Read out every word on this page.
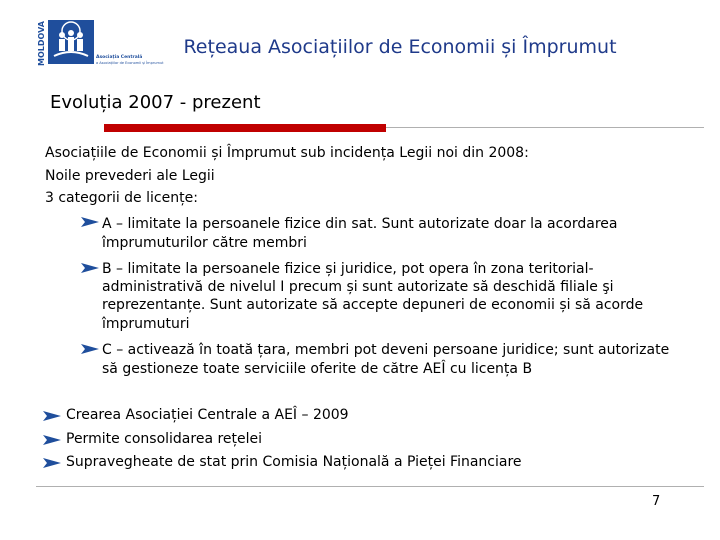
MOLDOVA	Asociația Centrală
a Asociațiilor de Economii și Împrumut
Rețeaua Asociațiilor de Economii și Împrumut
Evoluția 2007 - prezent
Asociațiile de Economii și Împrumut sub incidența Legii noi din 2008:
Noile prevederi ale Legii
3 categorii de licențe:
A – limitate la persoanele fizice din sat. Sunt autorizate doar la acordarea
împrumuturilor către membri
B – limitate la persoanele fizice și juridice, pot opera în zona teritorial-
administrativă de nivelul I precum și sunt autorizate să deschidă filiale şi
reprezentanțe. Sunt autorizate să accepte depuneri de economii și să acorde
împrumuturi
C – activează în toată țara, membri pot deveni persoane juridice; sunt autorizate
să gestioneze toate serviciile oferite de către AEÎ cu licența B
Crearea Asociației Centrale a AEÎ – 2009
Permite consolidarea rețelei
Supravegheate de stat prin Comisia Națională a Pieței Financiare
7
